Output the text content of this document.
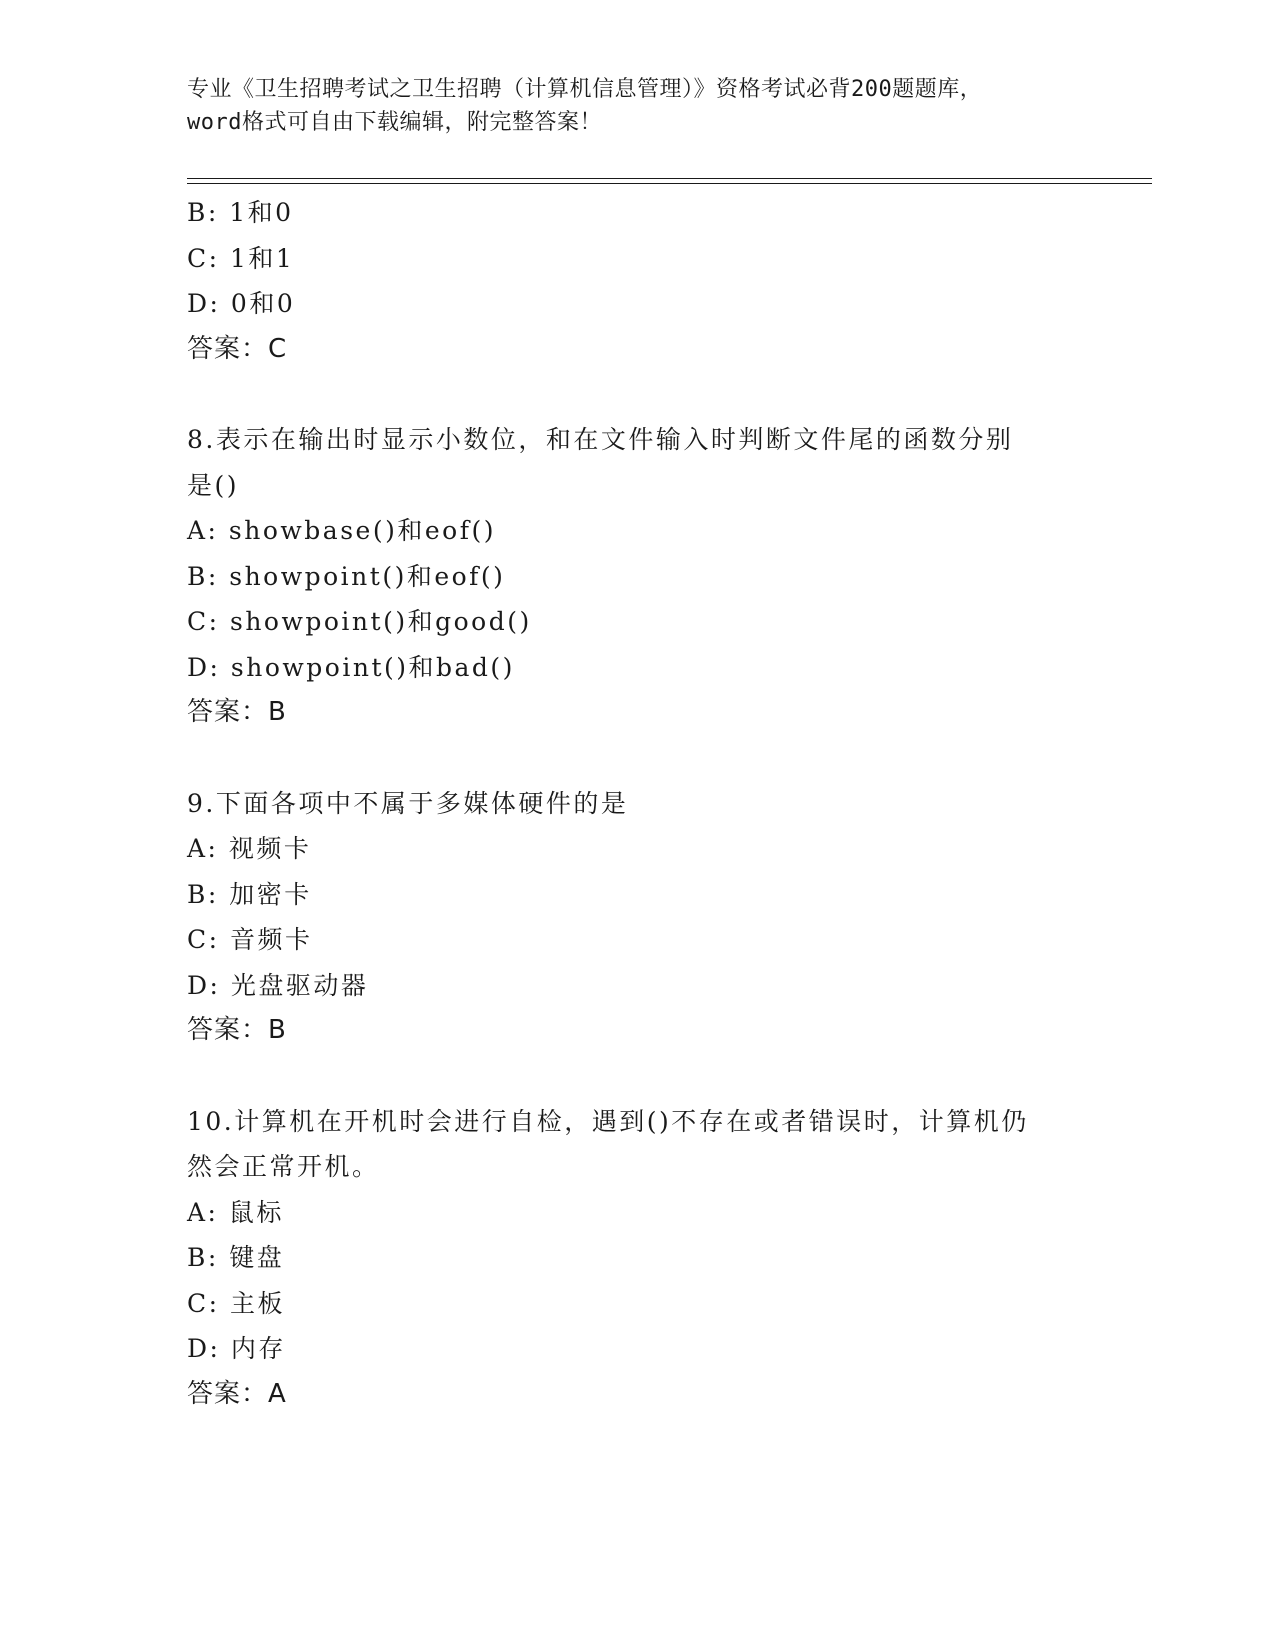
专业《卫生招聘考试之卫生招聘（计算机信息管理）》资格考试必背200题题库，
word格式可自由下载编辑，附完整答案！
B: 1和0
C: 1和1
D: 0和0
答案：C
8.表示在输出时显示小数位，和在文件输入时判断文件尾的函数分别
是()
A: showbase()和eof()
B: showpoint()和eof()
C: showpoint()和good()
D: showpoint()和bad()
答案：B
9.下面各项中不属于多媒体硬件的是
A: 视频卡
B: 加密卡
C: 音频卡
D: 光盘驱动器
答案：B
10.计算机在开机时会进行自检，遇到()不存在或者错误时，计算机仍
然会正常开机。
A: 鼠标
B: 键盘
C: 主板
D: 内存
答案：A
